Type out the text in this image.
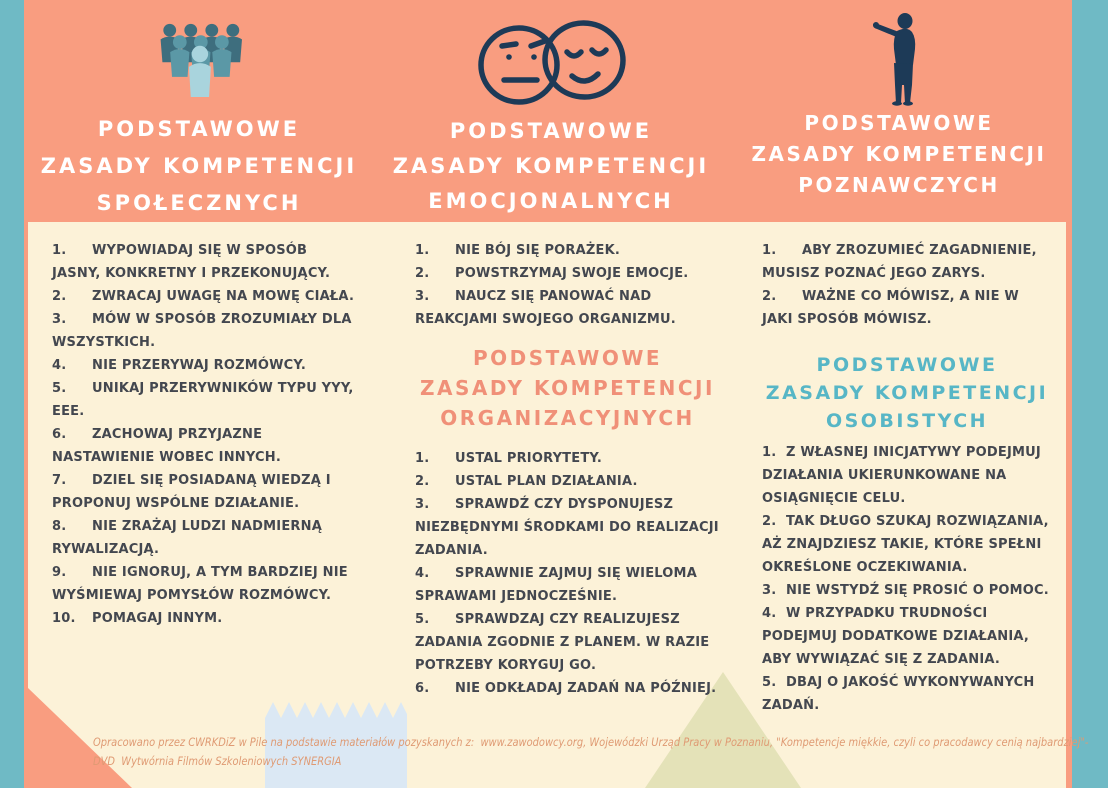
PODSTAWOWE
ZASADY KOMPETENCJI
SPOŁECZNYCH
PODSTAWOWE
ZASADY KOMPETENCJI
EMOCJONALNYCH
PODSTAWOWE
ZASADY KOMPETENCJI
POZNAWCZYCH
1. WYPOWIADAJ SIĘ W SPOSÓB JASNY, KONKRETNY I PRZEKONUJĄCY.
2. ZWRACAJ UWAGĘ NA MOWĘ CIAŁA.
3. MÓW W SPOSÓB ZROZUMIAŁY DLA WSZYSTKICH.
4. NIE PRZERYWAJ ROZMÓWCY.
5. UNIKAJ PRZERYWNIKÓW TYPU YYY, EEE.
6. ZACHOWAJ PRZYJAZNE NASTAWIENIE WOBEC INNYCH.
7. DZIEL SIĘ POSIADANĄ WIEDZĄ I PROPONUJ WSPÓLNE DZIAŁANIE.
8. NIE ZRAŻAJ LUDZI NADMIERNĄ RYWALIZACJĄ.
9. NIE IGNORUJ, A TYM BARDZIEJ NIE WYŚMIEWAJ POMYSŁÓW ROZMÓWCY.
10. POMAGAJ INNYM.
1. NIE BÓJ SIĘ PORAŻEK.
2. POWSTRZYMAJ SWOJE EMOCJE.
3. NAUCZ SIĘ PANOWAĆ NAD REAKCJAMI SWOJEGO ORGANIZMU.
PODSTAWOWE
ZASADY KOMPETENCJI
ORGANIZACYJNYCH
1. USTAL PRIORYTETY.
2. USTAL PLAN DZIAŁANIA.
3. SPRAWDŹ CZY DYSPONUJESZ NIEZBĘDNYMI ŚRODKAMI DO REALIZACJI ZADANIA.
4. SPRAWNIE ZAJMUJ SIĘ WIELOMA SPRAWAMI JEDNOCZEŚNIE.
5. SPRAWDZAJ CZY REALIZUJESZ ZADANIA ZGODNIE Z PLANEM. W RAZIE POTRZEBY KORYGUJ GO.
6. NIE ODKŁADAJ ZADAŃ NA PÓŹNIEJ.
1. ABY ZROZUMIEĆ ZAGADNIENIE, MUSISZ POZNAĆ JEGO ZARYS.
2. WAŻNE CO MÓWISZ, A NIE W JAKI SPOSÓB MÓWISZ.
PODSTAWOWE
ZASADY KOMPETENCJI
OSOBISTYCH
1. Z WŁASNEJ INICJATYWY PODEJMUJ DZIAŁANIA UKIERUNKOWANE NA OSIĄGNIĘCIE CELU.
2. TAK DŁUGO SZUKAJ ROZWIĄZANIA, AŻ ZNAJDZIESZ TAKIE, KTÓRE SPEŁNI OKREŚLONE OCZEKIWANIA.
3. NIE WSTYDŹ SIĘ PROSIĆ O POMOC.
4. W PRZYPADKU TRUDNOŚCI PODEJMUJ DODATKOWE DZIAŁANIA, ABY WYWIĄZAĆ SIĘ Z ZADANIA.
5. DBAJ O JAKOŚĆ WYKONYWANYCH ZADAŃ.
Opracowano przez CWRKDiZ w Pile na podstawie materiałów pozyskanych z:  www.zawodowcy.org, Wojewódzki Urząd Pracy w Poznaniu, "Kompetencje miękkie, czyli co pracodawcy cenią najbardziej"-
DVD  Wytwórnia Filmów Szkoleniowych SYNERGIA
